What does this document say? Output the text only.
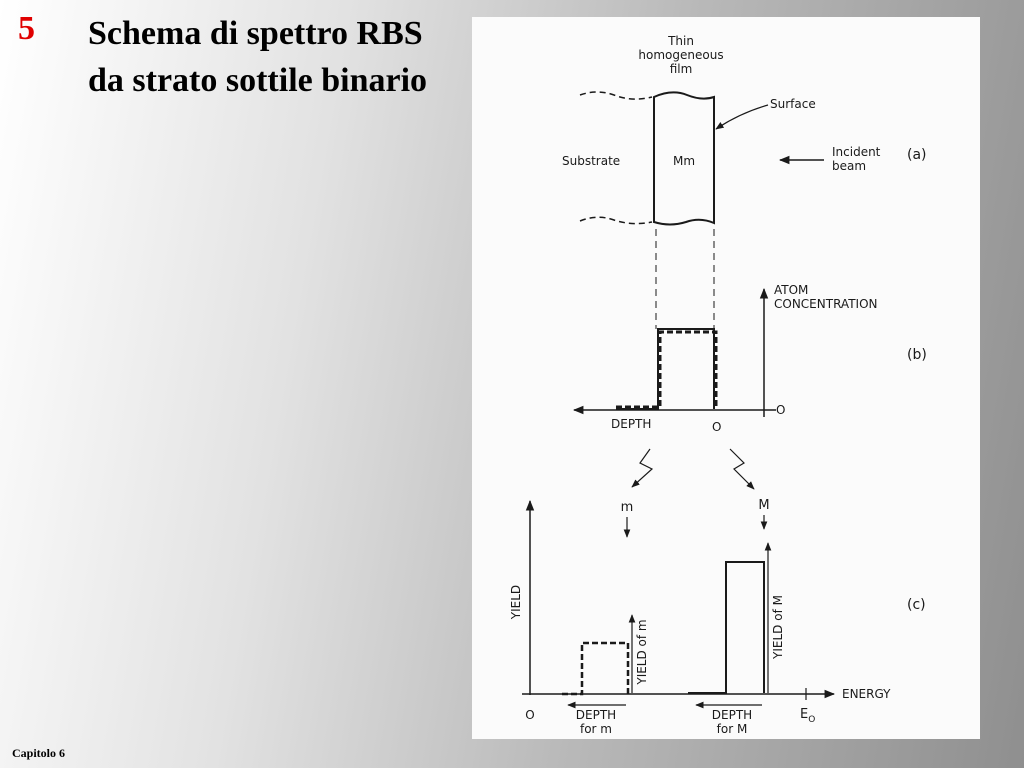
5 Schema di spettro RBS da strato sottile binario
Thin
homogeneous
film
Surface
Substrate	Mm
Incident
beam
(a)
ATOM
CONCENTRATION
O
DEPTH	O
(b)
m	M
YIELD
ENERGY
O	$E_O$
(c)
YIELD of m	YIELD of M
DEPTH
for m
DEPTH
for M
Capitolo 6
